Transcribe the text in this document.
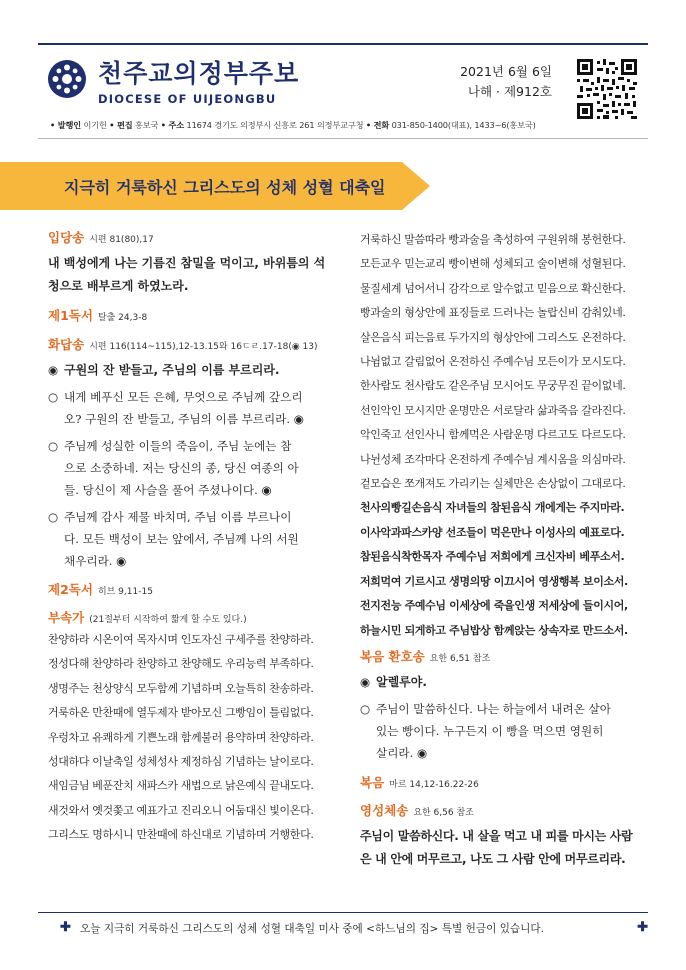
천주교의정부주보
DIOCESE OF UIJEONGBU
2021년 6월 6일
나해 · 제912호
• 발행인 이기헌 • 편집 홍보국 • 주소 11674 경기도 의정부시 신흥로 261 의정부교구청 • 전화 031-850-1400(대표), 1433~6(홍보국)
지극히 거룩하신 그리스도의 성체 성혈 대축일
입당송 시편 81(80),17
내 백성에게 나는 기름진 참밀을 먹이고, 바위틈의 석
청으로 배부르게 하였노라.
제1독서 탈출 24,3-8
화답송 시편 116(114~115),12-13.15와 16ㄷㄹ.17-18(◉ 13)
◉ 구원의 잔 받들고, 주님의 이름 부르리라.
○ 내게 베푸신 모든 은혜, 무엇으로 주님께 갚으리
오? 구원의 잔 받들고, 주님의 이름 부르리라. ◉
○ 주님께 성실한 이들의 죽음이, 주님 눈에는 참
으로 소중하네. 저는 당신의 종, 당신 여종의 아
들. 당신이 제 사슬을 풀어 주셨나이다. ◉
○ 주님께 감사 제물 바치며, 주님 이름 부르나이
다. 모든 백성이 보는 앞에서, 주님께 나의 서원
채우리라. ◉
제2독서 히브 9,11-15
부속가 (21절부터 시작하여 짧게 할 수도 있다.)
찬양하라 시온이여 목자시며 인도자신 구세주를 찬양하라.
정성다해 찬양하라 찬양하고 찬양해도 우리능력 부족하다.
생명주는 천상양식 모두함께 기념하며 오늘특히 찬송하라.
거룩하온 만찬때에 열두제자 받아모신 그빵임이 틀림없다.
우렁차고 유쾌하게 기쁜노래 함께불러 용약하며 찬양하라.
성대하다 이날축일 성체성사 제정하심 기념하는 날이로다.
새임금님 베푼잔치 새파스카 새법으로 낡은예식 끝내도다.
새것와서 옛것쫓고 예표가고 진리오니 어둠대신 빛이온다.
그리스도 명하시니 만찬때에 하신대로 기념하며 거행한다.
거룩하신 말씀따라 빵과술을 축성하여 구원위해 봉헌한다.
모든교우 믿는교리 빵이변해 성체되고 술이변해 성혈된다.
물질세계 넘어서니 감각으로 알수없고 믿음으로 확신한다.
빵과술의 형상안에 표징들로 드러나는 놀랍신비 감춰있네.
살은음식 피는음료 두가지의 형상안에 그리스도 온전하다.
나뉨없고 갈림없어 온전하신 주예수님 모든이가 모시도다.
한사람도 천사람도 같은주님 모시어도 무궁무진 끝이없네.
선인악인 모시지만 운명만은 서로달라 삶과죽음 갈라진다.
악인죽고 선인사니 함께먹은 사람운명 다르고도 다르도다.
나뉜성체 조각마다 온전하게 주예수님 계시옴을 의심마라.
겉모습은 쪼개져도 가리키는 실체만은 손상없이 그대로다.
천사의빵길손음식 자녀들의 참된음식 개에게는 주지마라.
이사악과파스카양 선조들이 먹은만나 이성사의 예표로다.
참된음식착한목자 주예수님 저희에게 크신자비 베푸소서.
저희먹여 기르시고 생명의땅 이끄시어 영생행복 보이소서.
전지전능 주예수님 이세상에 죽을인생 저세상에 들이시어,
하늘시민 되게하고 주님밥상 함께앉는 상속자로 만드소서.
복음 환호송 요한 6,51 참조
◉ 알렐루야.
○ 주님이 말씀하신다. 나는 하늘에서 내려온 살아
있는 빵이다. 누구든지 이 빵을 먹으면 영원히
살리라. ◉
복음 마르 14,12-16.22-26
영성체송 요한 6,56 참조
주님이 말씀하신다. 내 살을 먹고 내 피를 마시는 사람
은 내 안에 머무르고, 나도 그 사람 안에 머무르리라.
✚ 오늘 지극히 거룩하신 그리스도의 성체 성혈 대축일 미사 중에 <하느님의 집> 특별 헌금이 있습니다.	✚
